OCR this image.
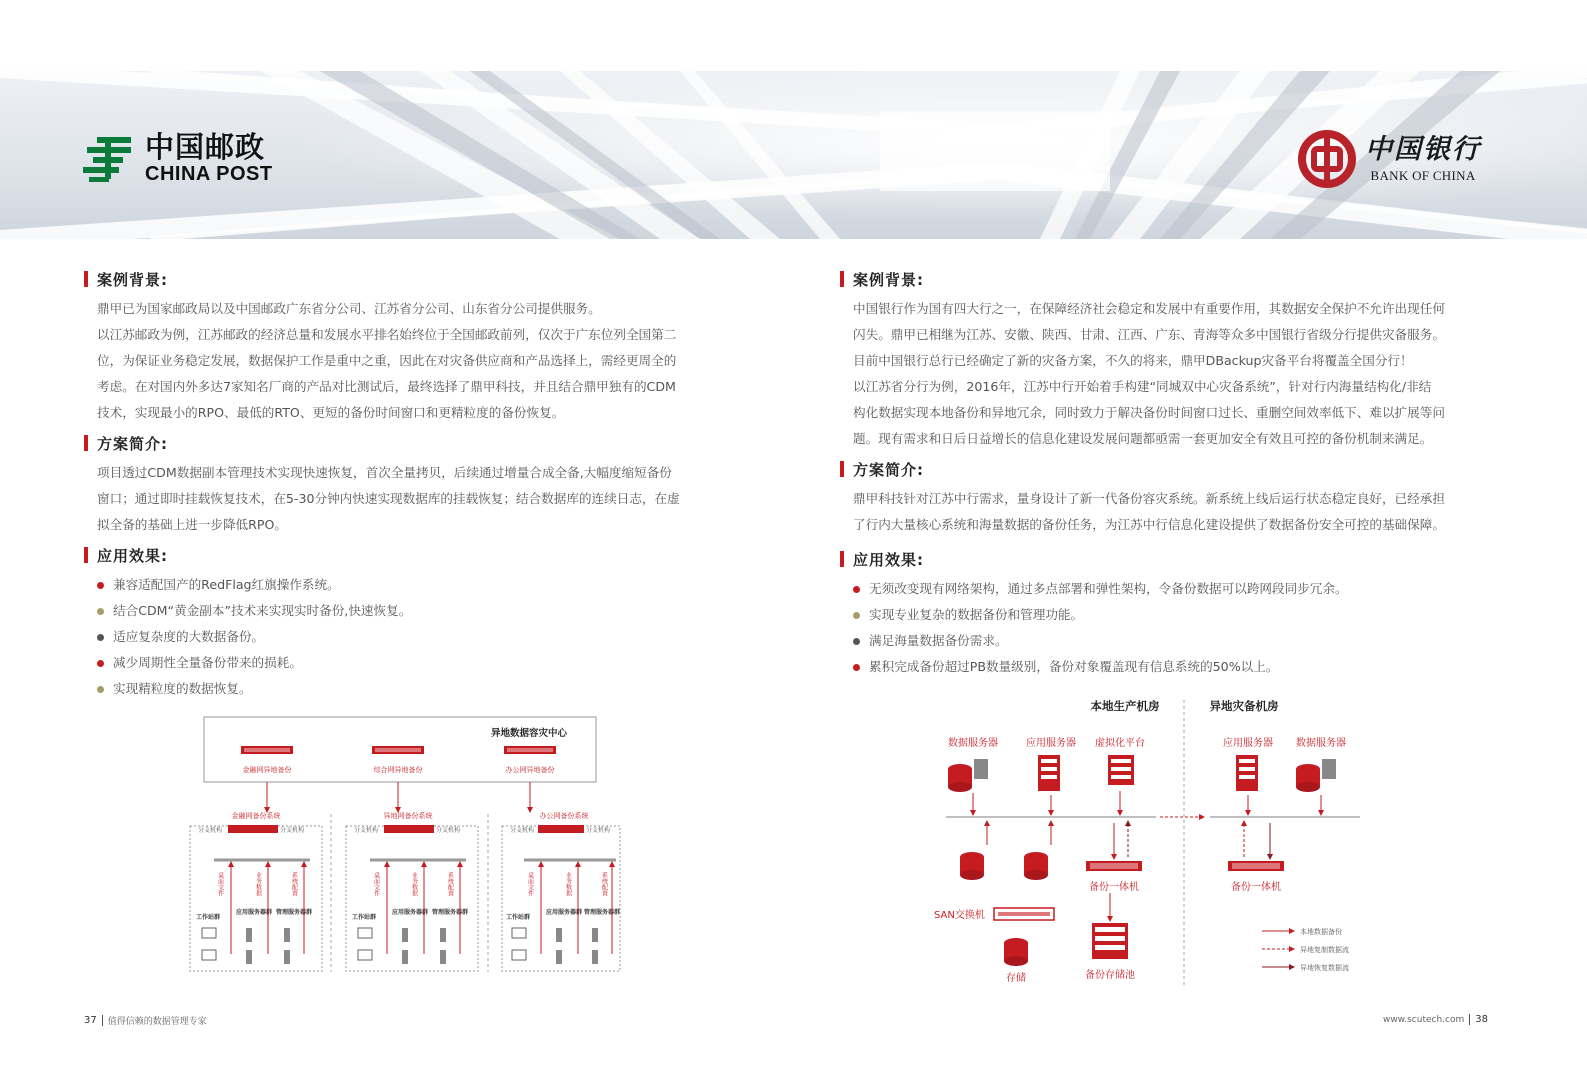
中国邮政
CHINA POST
中国银行
BANK OF CHINA
案例背景:

鼎甲已为国家邮政局以及中国邮政广东省分公司、江苏省分公司、山东省分公司提供服务。

以江苏邮政为例，江苏邮政的经济总量和发展水平排名始终位于全国邮政前列，仅次于广东位列全国第二

位，为保证业务稳定发展，数据保护工作是重中之重，因此在对灾备供应商和产品选择上，需经更周全的

考虑。在对国内外多达7家知名厂商的产品对比测试后，最终选择了鼎甲科技，并且结合鼎甲独有的CDM

技术，实现最小的RPO、最低的RTO、更短的备份时间窗口和更精粒度的备份恢复。

方案简介:

项目透过CDM数据副本管理技术实现快速恢复，首次全量拷贝，后续通过增量合成全备,大幅度缩短备份

窗口；通过即时挂载恢复技术，在5-30分钟内快速实现数据库的挂载恢复；结合数据库的连续日志，在虚

拟全备的基础上进一步降低RPO。

应用效果:
兼容适配国产的RedFlag红旗操作系统。
结合CDM“黄金副本”技术来实现实时备份,快速恢复。
适应复杂度的大数据备份。
减少周期性全量备份带来的损耗。
实现精粒度的数据恢复。
异地数据容灾中心
金融网异地备份	综合网异地备份	办公网异地备份
金融网备份系统
分支机构	分支机构
桌面文件	业务数据	系统配置
工作站群
应用服务器群 管理服务器群
异地网备份系统
分支机构	分支机构
桌面文件	业务数据	系统配置
工作站群
应用服务器群 管理服务器群
办公网备份系统
分支机构	分支机构
桌面文件	业务数据	系统配置
工作站群
应用服务器群 管理服务器群
案例背景:

中国银行作为国有四大行之一，在保障经济社会稳定和发展中有重要作用，其数据安全保护不允许出现任何

闪失。鼎甲已相继为江苏、安徽、陕西、甘肃、江西、广东、青海等众多中国银行省级分行提供灾备服务。

目前中国银行总行已经确定了新的灾备方案，不久的将来，鼎甲DBackup灾备平台将覆盖全国分行！

以江苏省分行为例，2016年，江苏中行开始着手构建“同城双中心灾备系统”，针对行内海量结构化/非结

构化数据实现本地备份和异地冗余，同时致力于解决备份时间窗口过长、重删空间效率低下、难以扩展等问

题。现有需求和日后日益增长的信息化建设发展问题都亟需一套更加安全有效且可控的备份机制来满足。

方案简介:

鼎甲科技针对江苏中行需求，量身设计了新一代备份容灾系统。新系统上线后运行状态稳定良好，已经承担

了行内大量核心系统和海量数据的备份任务，为江苏中行信息化建设提供了数据备份安全可控的基础保障。

应用效果:
无须改变现有网络架构，通过多点部署和弹性架构，令备份数据可以跨网段同步冗余。
实现专业复杂的数据备份和管理功能。
满足海量数据备份需求。
累积完成备份超过PB数量级别，备份对象覆盖现有信息系统的50%以上。
本地生产机房	异地灾备机房
数据服务器	应用服务器 虚拟化平台	应用服务器 数据服务器
备份一体机	备份一体机
SAN交换机
存储	备份存储池
本地数据备份
异地复制数据流
异地恢复数据流
37 值得信赖的数据管理专家	www.scutech.com 38
